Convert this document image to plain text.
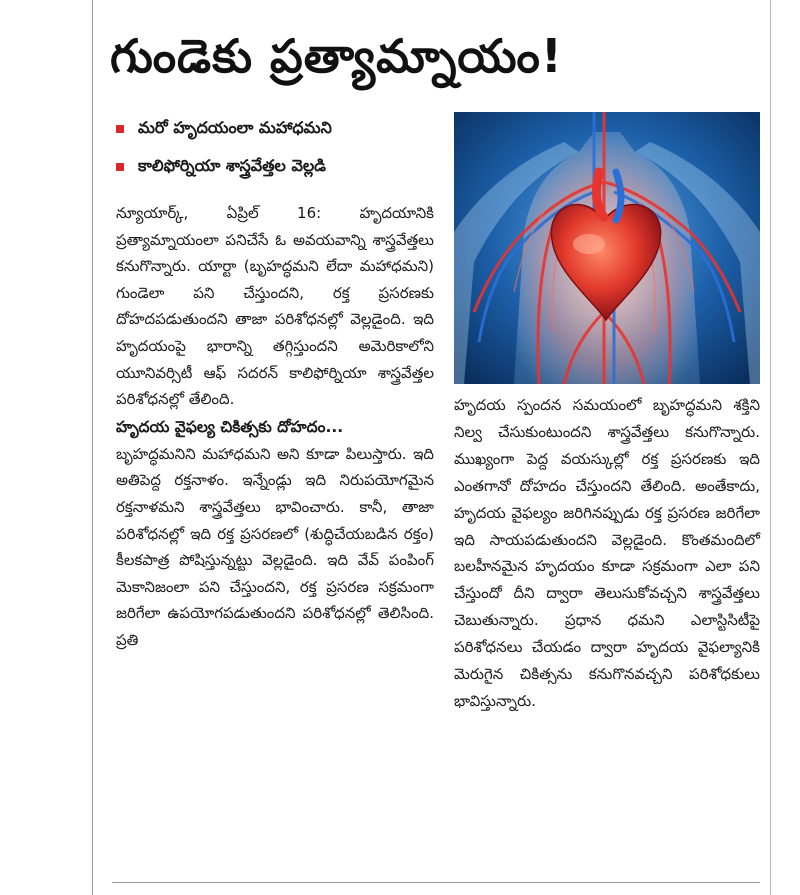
గుండెకు ప్రత్యామ్నాయం!
మరో హృదయంలా మహాధమని
కాలిఫోర్నియా శాస్త్రవేత్తల వెల్లడి

న్యూయార్క్, ఏప్రిల్ 16: హృదయానికి ప్రత్యామ్నాయంలా పనిచేసే ఓ అవయవాన్ని శాస్త్రవేత్తలు కనుగొన్నారు. యార్టా (బృహద్ధమని లేదా మహాధమని) గుండెలా పని చేస్తుందని, రక్త ప్రసరణకు దోహదపడుతుందని తాజా పరిశోధనల్లో వెల్లడైంది. ఇది హృదయంపై భారాన్ని తగ్గిస్తుందని అమెరికాలోని యూనివర్సిటీ ఆఫ్ సదరన్ కాలిఫోర్నియా శాస్త్రవేత్తల పరిశోధనల్లో తేలింది.

హృదయ వైఫల్య చికిత్సకు దోహదం...

బృహద్ధమనిని మహాధమని అని కూడా పిలుస్తారు. ఇది అతిపెద్ద రక్తనాళం. ఇన్నేండ్లు ఇది నిరుపయోగమైన రక్తనాళమని శాస్త్రవేత్తలు భావించారు. కానీ, తాజా పరిశోధనల్లో ఇది రక్త ప్రసరణలో (శుద్ధిచేయబడిన రక్తం) కీలకపాత్ర పోషిస్తున్నట్టు వెల్లడైంది. ఇది వేవ్ పంపింగ్ మెకానిజంలా పని చేస్తుందని, రక్త ప్రసరణ సక్రమంగా జరిగేలా ఉపయోగపడుతుందని పరిశోధనల్లో తెలిసింది. ప్రతి

హృదయ స్పందన సమయంలో బృహద్ధమని శక్తిని నిల్వ చేసుకుంటుందని శాస్త్రవేత్తలు కనుగొన్నారు. ముఖ్యంగా పెద్ద వయస్కుల్లో రక్త ప్రసరణకు ఇది ఎంతగానో దోహదం చేస్తుందని తేలింది. అంతేకాదు, హృదయ వైఫల్యం జరిగినప్పుడు రక్త ప్రసరణ జరిగేలా ఇది సాయపడుతుందని వెల్లడైంది. కొంతమందిలో బలహీనమైన హృదయం కూడా సక్రమంగా ఎలా పని చేస్తుందో దీని ద్వారా తెలుసుకోవచ్చని శాస్త్రవేత్తలు చెబుతున్నారు. ప్రధాన ధమని ఎలాస్టిసిటీపై పరిశోధనలు చేయడం ద్వారా హృదయ వైఫల్యానికి మెరుగైన చికిత్సను కనుగొనవచ్చని పరిశోధకులు భావిస్తున్నారు.
